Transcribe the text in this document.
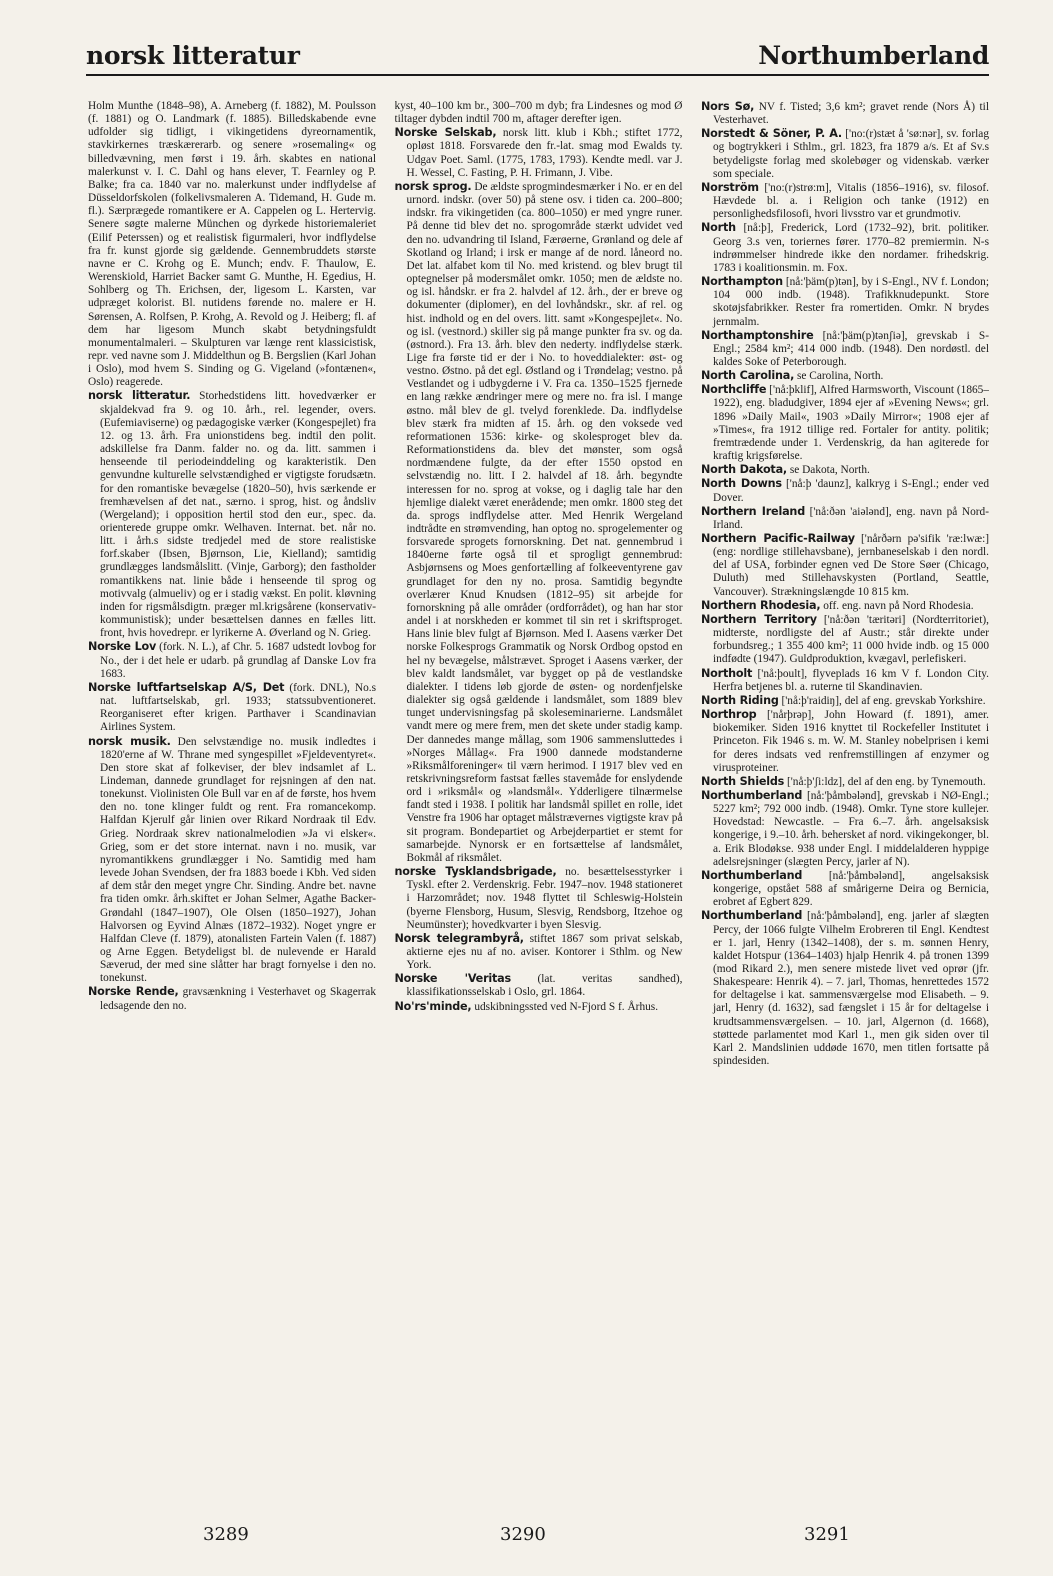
norsk litteratur	Northumberland
Holm Munthe (1848–98), A. Arneberg (f. 1882), M. Poulsson (f. 1881) og O. Landmark (f. 1885). Billedskabende evne udfolder sig tidligt, i vikingetidens dyreornamentik, stavkirkernes træskærerarb. og senere »rosemaling« og billedvævning, men først i 19. årh. skabtes en national malerkunst v. I. C. Dahl og hans elever, T. Fearnley og P. Balke; fra ca. 1840 var no. malerkunst under indflydelse af Düsseldorfskolen (folkelivsmaleren A. Tidemand, H. Gude m. fl.). Særprægede romantikere er A. Cappelen og L. Hertervig. Senere søgte malerne München og dyrkede historiemaleriet (Eilif Peterssen) og et realistisk figurmaleri, hvor indflydelse fra fr. kunst gjorde sig gældende. Gennembruddets største navne er C. Krohg og E. Munch; endv. F. Thaulow, E. Werenskiold, Harriet Backer samt G. Munthe, H. Egedius, H. Sohlberg og Th. Erichsen, der, ligesom L. Karsten, var udpræget kolorist. Bl. nutidens førende no. malere er H. Sørensen, A. Rolfsen, P. Krohg, A. Revold og J. Heiberg; fl. af dem har ligesom Munch skabt betydningsfuldt monumentalmaleri. – Skulpturen var længe rent klassicistisk, repr. ved navne som J. Middelthun og B. Bergslien (Karl Johan i Oslo), mod hvem S. Sinding og G. Vigeland (»fontænen«, Oslo) reagerede.
norsk litteratur. Storhedstidens litt. hovedværker er skjaldekvad fra 9. og 10. årh., rel. legender, overs. (Eufemiaviserne) og pædagogiske værker (Kongespejlet) fra 12. og 13. årh. Fra unionstidens beg. indtil den polit. adskillelse fra Danm. falder no. og da. litt. sammen i henseende til periodeinddeling og karakteristik. Den genvundne kulturelle selvstændighed er vigtigste forudsætn. for den romantiske bevægelse (1820–50), hvis særkende er fremhævelsen af det nat., særno. i sprog, hist. og åndsliv (Wergeland); i opposition hertil stod den eur., spec. da. orienterede gruppe omkr. Welhaven. Internat. bet. når no. litt. i årh.s sidste tredjedel med de store realistiske forf.skaber (Ibsen, Bjørnson, Lie, Kielland); samtidig grundlægges landsmålslitt. (Vinje, Garborg); den fastholder romantikkens nat. linie både i henseende til sprog og motivvalg (almueliv) og er i stadig vækst. En polit. kløvning inden for rigsmålsdigtn. præger ml.krigsårene (konservativ-kommunistisk); under besættelsen dannes en fælles litt. front, hvis hovedrepr. er lyrikerne A. Øverland og N. Grieg.
Norske Lov (fork. N. L.), af Chr. 5. 1687 udstedt lovbog for No., der i det hele er udarb. på grundlag af Danske Lov fra 1683.
Norske luftfartselskap A/S, Det (fork. DNL), No.s nat. luftfartselskab, grl. 1933; statssubventioneret. Reorganiseret efter krigen. Parthaver i Scandinavian Airlines System.
norsk musik. Den selvstændige no. musik indledtes i 1820'erne af W. Thrane med syngespillet »Fjeldeventyret«. Den store skat af folkeviser, der blev indsamlet af L. Lindeman, dannede grundlaget for rejsningen af den nat. tonekunst. Violinisten Ole Bull var en af de første, hos hvem den no. tone klinger fuldt og rent. Fra romancekomp. Halfdan Kjerulf går linien over Rikard Nordraak til Edv. Grieg. Nordraak skrev nationalmelodien »Ja vi elsker«. Grieg, som er det store internat. navn i no. musik, var nyromantikkens grundlægger i No. Samtidig med ham levede Johan Svendsen, der fra 1883 boede i Kbh. Ved siden af dem står den meget yngre Chr. Sinding. Andre bet. navne fra tiden omkr. årh.skiftet er Johan Selmer, Agathe Backer-Grøndahl (1847–1907), Ole Olsen (1850–1927), Johan Halvorsen og Eyvind Alnæs (1872–1932). Noget yngre er Halfdan Cleve (f. 1879), atonalisten Fartein Valen (f. 1887) og Arne Eggen. Betydeligst bl. de nulevende er Harald Sæverud, der med sine slåtter har bragt fornyelse i den no. tonekunst.
Norske Rende, gravsænkning i Vesterhavet og Skagerrak ledsagende den no.
kyst, 40–100 km br., 300–700 m dyb; fra Lindesnes og mod Ø tiltager dybden indtil 700 m, aftager derefter igen.
Norske Selskab, norsk litt. klub i Kbh.; stiftet 1772, opløst 1818. Forsvarede den fr.-lat. smag mod Ewalds ty. Udgav Poet. Saml. (1775, 1783, 1793). Kendte medl. var J. H. Wessel, C. Fasting, P. H. Frimann, J. Vibe.
norsk sprog. De ældste sprogmindesmærker i No. er en del urnord. indskr. (over 50) på stene osv. i tiden ca. 200–800; indskr. fra vikingetiden (ca. 800–1050) er med yngre runer. På denne tid blev det no. sprogområde stærkt udvidet ved den no. udvandring til Island, Færøerne, Grønland og dele af Skotland og Irland; i irsk er mange af de nord. låneord no. Det lat. alfabet kom til No. med kristend. og blev brugt til optegnelser på modersmålet omkr. 1050; men de ældste no. og isl. håndskr. er fra 2. halvdel af 12. årh., der er breve og dokumenter (diplomer), en del lovhåndskr., skr. af rel. og hist. indhold og en del overs. litt. samt »Kongespejlet«. No. og isl. (vestnord.) skiller sig på mange punkter fra sv. og da. (østnord.). Fra 13. årh. blev den nederty. indflydelse stærk. Lige fra første tid er der i No. to hoveddialekter: øst- og vestno. Østno. på det egl. Østland og i Trøndelag; vestno. på Vestlandet og i udbygderne i V. Fra ca. 1350–1525 fjernede en lang række ændringer mere og mere no. fra isl. I mange østno. mål blev de gl. tvelyd forenklede. Da. indflydelse blev stærk fra midten af 15. årh. og den voksede ved reformationen 1536: kirke- og skolesproget blev da. Reformationstidens da. blev det mønster, som også nordmændene fulgte, da der efter 1550 opstod en selvstændig no. litt. I 2. halvdel af 18. årh. begyndte interessen for no. sprog at vokse, og i daglig tale har den hjemlige dialekt været enerådende; men omkr. 1800 steg det da. sprogs indflydelse atter. Med Henrik Wergeland indtrådte en strømvending, han optog no. sprogelementer og forsvarede sprogets fornorskning. Det nat. gennembrud i 1840erne førte også til et sprogligt gennembrud: Asbjørnsens og Moes genfortælling af folkeeventyrene gav grundlaget for den ny no. prosa. Samtidig begyndte overlærer Knud Knudsen (1812–95) sit arbejde for fornorskning på alle områder (ordforrådet), og han har stor andel i at norskheden er kommet til sin ret i skriftsproget. Hans linie blev fulgt af Bjørnson. Med I. Aasens værker Det norske Folkesprogs Grammatik og Norsk Ordbog opstod en hel ny bevægelse, målstrævet. Sproget i Aasens værker, der blev kaldt landsmålet, var bygget op på de vestlandske dialekter. I tidens løb gjorde de østen- og nordenfjelske dialekter sig også gældende i landsmålet, som 1889 blev tunget undervisningsfag på skoleseminarierne. Landsmålet vandt mere og mere frem, men det skete under stadig kamp. Der dannedes mange mållag, som 1906 sammensluttedes i »Norges Mållag«. Fra 1900 dannede modstanderne »Riksmålforeninger« til værn herimod. I 1917 blev ved en retskrivningsreform fastsat fælles stavemåde for enslydende ord i »riksmål« og »landsmål«. Ydderligere tilnærmelse fandt sted i 1938. I politik har landsmål spillet en rolle, idet Venstre fra 1906 har optaget målstrævernes vigtigste krav på sit program. Bondepartiet og Arbejderpartiet er stemt for samarbejde. Nynorsk er en fortsættelse af landsmålet, Bokmål af riksmålet.
norske Tysklandsbrigade, no. besættelsesstyrker i Tyskl. efter 2. Verdenskrig. Febr. 1947–nov. 1948 stationeret i Harzområdet; nov. 1948 flyttet til Schleswig-Holstein (byerne Flensborg, Husum, Slesvig, Rendsborg, Itzehoe og Neumünster); hovedkvarter i byen Slesvig.
Norsk telegrambyrå, stiftet 1867 som privat selskab, aktierne ejes nu af no. aviser. Kontorer i Sthlm. og New York.
Norske 'Veritas (lat. veritas sandhed), klassifikationsselskab i Oslo, grl. 1864.
No'rs'minde, udskibningssted ved N-Fjord S f. Århus.
Nors Sø, NV f. Tisted; 3,6 km²; gravet rende (Nors Å) til Vesterhavet.
Norstedt & Söner, P. A. ['no:(r)stæt å 'sø:nər], sv. forlag og bogtrykkeri i Sthlm., grl. 1823, fra 1879 a/s. Et af Sv.s betydeligste forlag med skolebøger og videnskab. værker som speciale.
Norström ['no:(r)strø:m], Vitalis (1856–1916), sv. filosof. Hævdede bl. a. i Religion och tanke (1912) en personlighedsfilosofi, hvori livsstro var et grundmotiv.
North [nå:þ], Frederick, Lord (1732–92), brit. politiker. Georg 3.s ven, toriernes fører. 1770–82 premiermin. N-s indrømmelser hindrede ikke den nordamer. frihedskrig. 1783 i koalitionsmin. m. Fox.
Northampton [nå:'þäm(p)tən], by i S-Engl., NV f. London; 104 000 indb. (1948). Trafikknudepunkt. Store skotøjsfabrikker. Rester fra romertiden. Omkr. N brydes jernmalm.
Northamptonshire [nå:'þäm(p)tənʃiə], grevskab i S-Engl.; 2584 km²; 414 000 indb. (1948). Den nordøstl. del kaldes Soke of Peterborough.
North Carolina, se Carolina, North.
Northcliffe ['nå:þklif], Alfred Harmsworth, Viscount (1865–1922), eng. bladudgiver, 1894 ejer af »Evening News«; grl. 1896 »Daily Mail«, 1903 »Daily Mirror«; 1908 ejer af »Times«, fra 1912 tillige red. Fortaler for antity. politik; fremtrædende under 1. Verdenskrig, da han agiterede for kraftig krigsførelse.
North Dakota, se Dakota, North.
North Downs ['nå:þ 'daunz], kalkryg i S-Engl.; ender ved Dover.
Northern Ireland ['nå:ðən 'aiələnd], eng. navn på Nord-Irland.
Northern Pacific-Railway ['nårðərn pə'sifik 'ræ:lwæ:] (eng: nordlige stillehavsbane), jernbaneselskab i den nordl. del af USA, forbinder egnen ved De Store Søer (Chicago, Duluth) med Stillehavskysten (Portland, Seattle, Vancouver). Strækningslængde 10 815 km.
Northern Rhodesia, off. eng. navn på Nord Rhodesia.
Northern Territory ['nå:ðən 'tæritəri] (Nordterritoriet), midterste, nordligste del af Austr.; står direkte under forbundsreg.; 1 355 400 km²; 11 000 hvide indb. og 15 000 indfødte (1947). Guldproduktion, kvægavl, perlefiskeri.
Northolt ['nå:þoult], flyveplads 16 km V f. London City. Herfra betjenes bl. a. ruterne til Skandinavien.
North Riding ['nå:þ'raidiŋ], del af eng. grevskab Yorkshire.
Northrop ['nårþrəp], John Howard (f. 1891), amer. biokemiker. Siden 1916 knyttet til Rockefeller Institutet i Princeton. Fik 1946 s. m. W. M. Stanley nobelprisen i kemi for deres indsats ved renfremstillingen af enzymer og virusproteiner.
North Shields ['nå:þ'ʃi:ldz], del af den eng. by Tynemouth.
Northumberland [nå:'þåmbələnd], grevskab i NØ-Engl.; 5227 km²; 792 000 indb. (1948). Omkr. Tyne store kullejer. Hovedstad: Newcastle. – Fra 6.–7. årh. angelsaksisk kongerige, i 9.–10. årh. behersket af nord. vikingekonger, bl. a. Erik Blodøkse. 938 under Engl. I middelalderen hyppige adelsrejsninger (slægten Percy, jarler af N).
Northumberland [nå:'þåmbələnd], angelsaksisk kongerige, opstået 588 af smårigerne Deira og Bernicia, erobret af Egbert 829.
Northumberland [nå:'þåmbələnd], eng. jarler af slægten Percy, der 1066 fulgte Vilhelm Erobreren til Engl. Kendtest er 1. jarl, Henry (1342–1408), der s. m. sønnen Henry, kaldet Hotspur (1364–1403) hjalp Henrik 4. på tronen 1399 (mod Rikard 2.), men senere mistede livet ved oprør (jfr. Shakespeare: Henrik 4). – 7. jarl, Thomas, henrettedes 1572 for deltagelse i kat. sammensværgelse mod Elisabeth. – 9. jarl, Henry (d. 1632), sad fængslet i 15 år for deltagelse i krudtsammensværgelsen. – 10. jarl, Algernon (d. 1668), støttede parlamentet mod Karl 1., men gik siden over til Karl 2. Mandslinien uddøde 1670, men titlen fortsatte på spindesiden.
3289	3290	3291
